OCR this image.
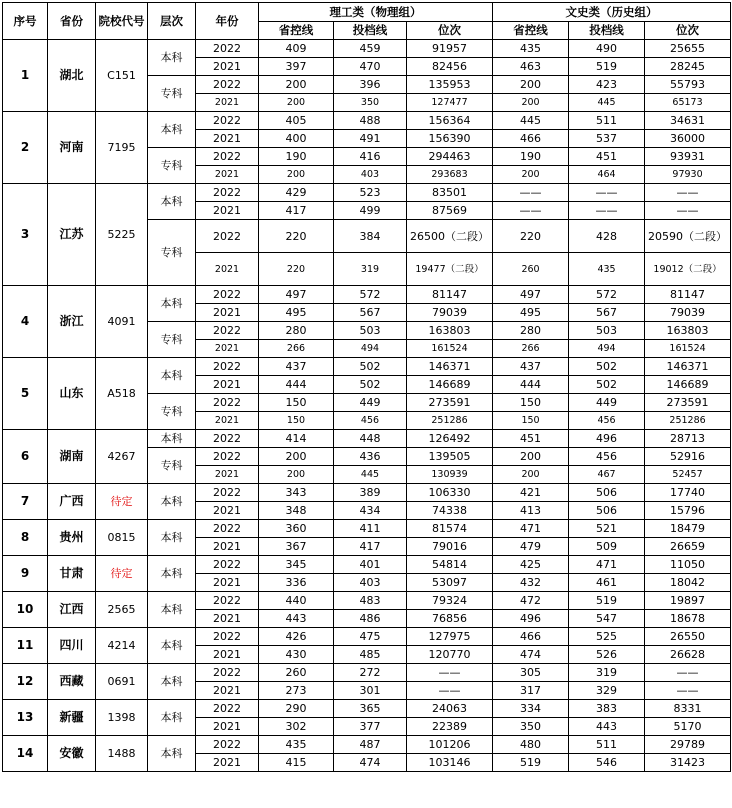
序号	省份	院校代号	层次	年份	理工类（物理组）			文史类（历史组）		
					省控线	投档线	位次	省控线	投档线	位次
1	湖北	C151	本科	2022	409	459	91957	435	490	25655
				2021	397	470	82456	463	519	28245
			专科	2022	200	396	135953	200	423	55793
				2021	200	350	127477	200	445	65173
2	河南	7195	本科	2022	405	488	156364	445	511	34631
				2021	400	491	156390	466	537	36000
			专科	2022	190	416	294463	190	451	93931
				2021	200	403	293683	200	464	97930
3	江苏	5225	本科	2022	429	523	83501	——	——	——
				2021	417	499	87569	——	——	——
			专科	2022	220	384	26500（二段）	220	428	20590（二段）
				2021	220	319	19477（二段）	260	435	19012（二段）
4	浙江	4091	本科	2022	497	572	81147	497	572	81147
				2021	495	567	79039	495	567	79039
			专科	2022	280	503	163803	280	503	163803
				2021	266	494	161524	266	494	161524
5	山东	A518	本科	2022	437	502	146371	437	502	146371
				2021	444	502	146689	444	502	146689
			专科	2022	150	449	273591	150	449	273591
				2021	150	456	251286	150	456	251286
6	湖南	4267	本科	2022	414	448	126492	451	496	28713
			专科	2022	200	436	139505	200	456	52916
				2021	200	445	130939	200	467	52457
7	广西	待定	本科	2022	343	389	106330	421	506	17740
				2021	348	434	74338	413	506	15796
8	贵州	0815	本科	2022	360	411	81574	471	521	18479
				2021	367	417	79016	479	509	26659
9	甘肃	待定	本科	2022	345	401	54814	425	471	11050
				2021	336	403	53097	432	461	18042
10	江西	2565	本科	2022	440	483	79324	472	519	19897
				2021	443	486	76856	496	547	18678
11	四川	4214	本科	2022	426	475	127975	466	525	26550
				2021	430	485	120770	474	526	26628
12	西藏	0691	本科	2022	260	272	——	305	319	——
				2021	273	301	——	317	329	——
13	新疆	1398	本科	2022	290	365	24063	334	383	8331
				2021	302	377	22389	350	443	5170
14	安徽	1488	本科	2022	435	487	101206	480	511	29789
				2021	415	474	103146	519	546	31423
